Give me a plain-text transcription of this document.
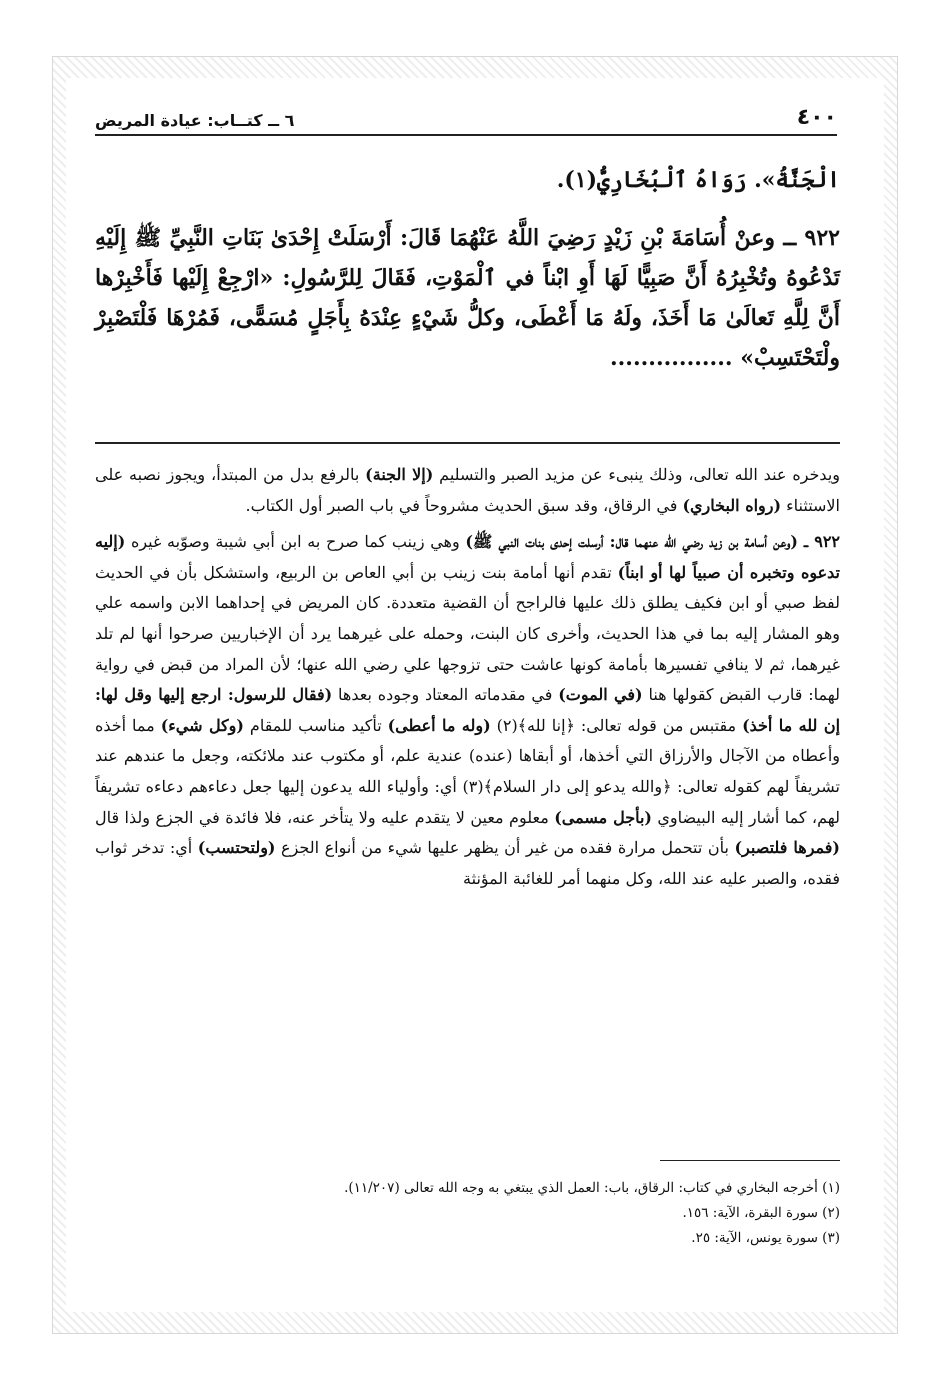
٤٠٠
٦ ــ كتــاب: عيادة المريض

الْجَنَّةُ». رَوَاهُ ٱلْبُخَارِيُّ(١).

٩٢٢ ــ وعنْ أُسَامَةَ بْنِ زَيْدٍ رَضِيَ اللَّهُ عَنْهُمَا قَالَ: أَرْسَلَتْ إِحْدَىٰ بَنَاتِ النَّبِيِّ ﷺ إِلَيْهِ تَدْعُوهُ وتُخْبِرُهُ أَنَّ صَبِيًّا لَهَا أَوِ ابْناً في ٱلْمَوْتِ، فَقَالَ لِلرَّسُولِ: «ارْجِعْ إِلَيْها فَأَخْبِرْها أَنَّ لِلَّهِ تَعالَىٰ مَا أَخَذَ، ولَهُ مَا أَعْطَى، وكلُّ شَيْءٍ عِنْدَهُ بِأَجَلٍ مُسَمًّى، فَمُرْهَا فَلْتَصْبِرْ ولْتَحْتَسِبْ» ................

ويدخره عند الله تعالى، وذلك ينبىء عن مزيد الصبر والتسليم (إلا الجنة) بالرفع بدل من المبتدأ، ويجوز نصبه على الاستثناء (رواه البخاري) في الرقاق، وقد سبق الحديث مشروحاً في باب الصبر أول الكتاب.

٩٢٢ ــ (وعن أسامة بن زيد رضي الله عنهما قال: أرسلت إحدى بنات النبي ﷺ) وهي زينب كما صرح به ابن أبي شيبة وصوّبه غيره (إليه تدعوه وتخبره أن صبياً لها أو ابناً) تقدم أنها أمامة بنت زينب بن أبي العاص بن الربيع، واستشكل بأن في الحديث لفظ صبي أو ابن فكيف يطلق ذلك عليها فالراجح أن القضية متعددة. كان المريض في إحداهما الابن واسمه علي وهو المشار إليه بما في هذا الحديث، وأخرى كان البنت، وحمله على غيرهما يرد أن الإخباريين صرحوا أنها لم تلد غيرهما، ثم لا ينافي تفسيرها بأمامة كونها عاشت حتى تزوجها علي رضي الله عنها؛ لأن المراد من قبض في رواية لهما: قارب القبض كقولها هنا (في الموت) في مقدماته المعتاد وجوده بعدها (فقال للرسول: ارجع إليها وقل لها: إن لله ما أخذ) مقتبس من قوله تعالى: ﴿إنا لله﴾(٢) (وله ما أعطى) تأكيد مناسب للمقام (وكل شيء) مما أخذه وأعطاه من الآجال والأرزاق التي أخذها، أو أبقاها (عنده) عندية علم، أو مكتوب عند ملائكته، وجعل ما عندهم عند تشريفاً لهم كقوله تعالى: ﴿والله يدعو إلى دار السلام﴾(٣) أي: وأولياء الله يدعون إليها جعل دعاءهم دعاءه تشريفاً لهم، كما أشار إليه البيضاوي (بأجل مسمى) معلوم معين لا يتقدم عليه ولا يتأخر عنه، فلا فائدة في الجزع ولذا قال (فمرها فلتصبر) بأن تتحمل مرارة فقده من غير أن يظهر عليها شيء من أنواع الجزع (ولتحتسب) أي: تدخر ثواب فقده، والصبر عليه عند الله، وكل منهما أمر للغائبة المؤنثة

(١) أخرجه البخاري في كتاب: الرقاق، باب: العمل الذي يبتغي به وجه الله تعالى (١١/٢٠٧).
(٢) سورة البقرة، الآية: ١٥٦.
(٣) سورة يونس، الآية: ٢٥.
